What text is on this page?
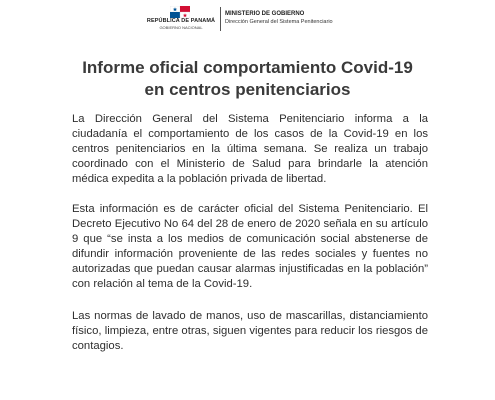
REPÚBLICA DE PANAMÁ
GOBIERNO NACIONAL
MINISTERIO DE GOBIERNO
Dirección General del Sistema Penitenciario
Informe oficial comportamiento Covid-19
en centros penitenciarios

La Dirección General del Sistema Penitenciario informa a la ciudadanía el comportamiento de los casos de la Covid-19 en los centros penitenciarios en la última semana. Se realiza un trabajo coordinado con el Ministerio de Salud para brindarle la atención médica expedita a la población privada de libertad.

Esta información es de carácter oficial del Sistema Penitenciario. El Decreto Ejecutivo No 64 del 28 de enero de 2020 señala en su artículo 9 que “se insta a los medios de comunicación social abstenerse de difundir información proveniente de las redes sociales y fuentes no autorizadas que puedan causar alarmas injustificadas en la población” con relación al tema de la Covid-19.

Las normas de lavado de manos, uso de mascarillas, distanciamiento físico, limpieza, entre otras, siguen vigentes para reducir los riesgos de contagios.
